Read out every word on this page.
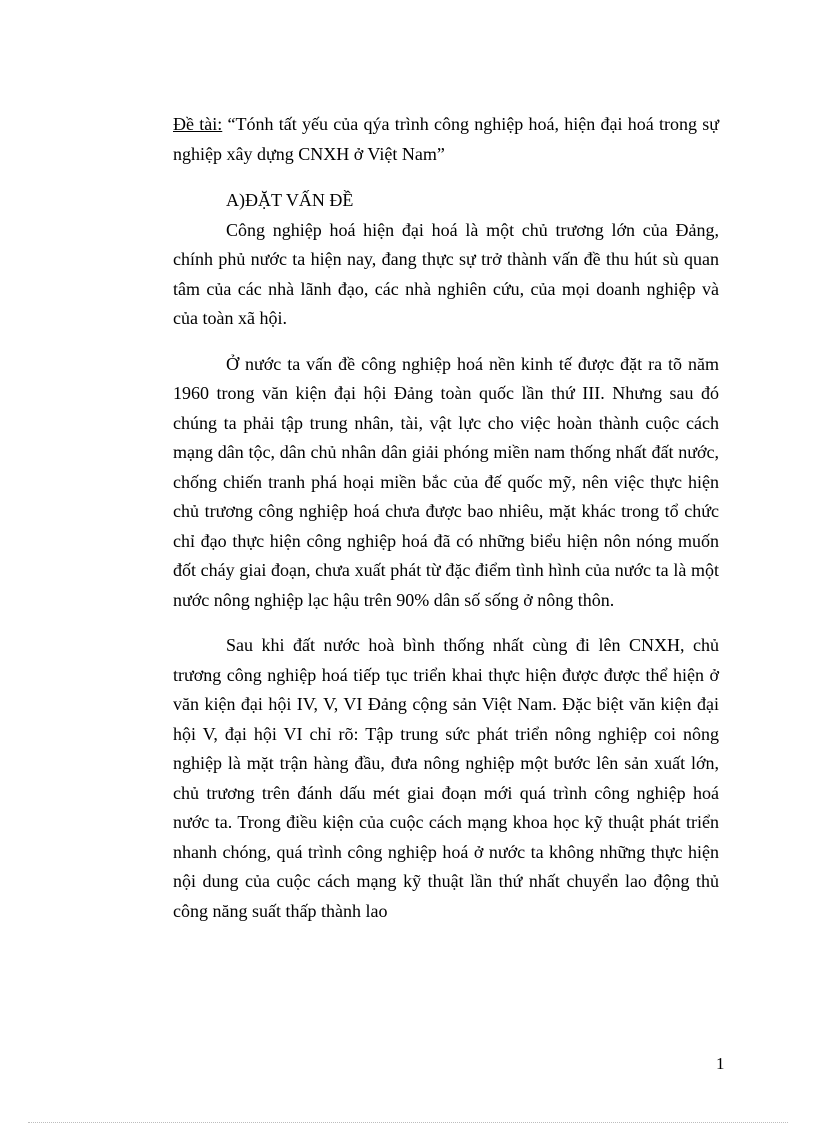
Đề tài: “Tónh tất yếu của qýa trình công nghiệp hoá, hiện đại hoá trong sự nghiệp xây dựng CNXH ở Việt Nam”

A)ĐẶT VẤN ĐỀ

Công nghiệp hoá hiện đại hoá là một chủ trương lớn của Đảng, chính phủ nước ta hiện nay, đang thực sự trở thành vấn đề thu hút sù quan tâm của các nhà lãnh đạo, các nhà nghiên cứu, của mọi doanh nghiệp và của toàn xã hội.

Ở nước ta vấn đề công nghiệp hoá nền kinh tế được đặt ra tõ năm 1960 trong văn kiện đại hội Đảng toàn quốc lần thứ III. Nhưng sau đó chúng ta phải tập trung nhân, tài, vật lực cho việc hoàn thành cuộc cách mạng dân tộc, dân chủ nhân dân giải phóng miền nam thống nhất đất nước, chống chiến tranh phá hoại miền bắc của đế quốc mỹ, nên việc thực hiện chủ trương công nghiệp hoá chưa được bao nhiêu, mặt khác trong tổ chức chỉ đạo thực hiện công nghiệp hoá đã có những biểu hiện nôn nóng muốn đốt cháy giai đoạn, chưa xuất phát từ đặc điểm tình hình của nước ta là một nước nông nghiệp lạc hậu trên 90% dân số sống ở nông thôn.

Sau khi đất nước hoà bình thống nhất cùng đi lên CNXH, chủ trương công nghiệp hoá tiếp tục triển khai thực hiện được được thể hiện ở văn kiện đại hội IV, V, VI Đảng cộng sản Việt Nam. Đặc biệt văn kiện đại hội V, đại hội VI chỉ rõ: Tập trung sức phát triển nông nghiệp coi nông nghiệp là mặt trận hàng đầu, đưa nông nghiệp một bước lên sản xuất lớn, chủ trương trên đánh dấu mét giai đoạn mới quá trình công nghiệp hoá nước ta. Trong điều kiện của cuộc cách mạng khoa học kỹ thuật phát triển nhanh chóng, quá trình công nghiệp hoá ở nước ta không những thực hiện nội dung của cuộc cách mạng kỹ thuật lần thứ nhất chuyển lao động thủ công năng suất thấp thành lao

1
